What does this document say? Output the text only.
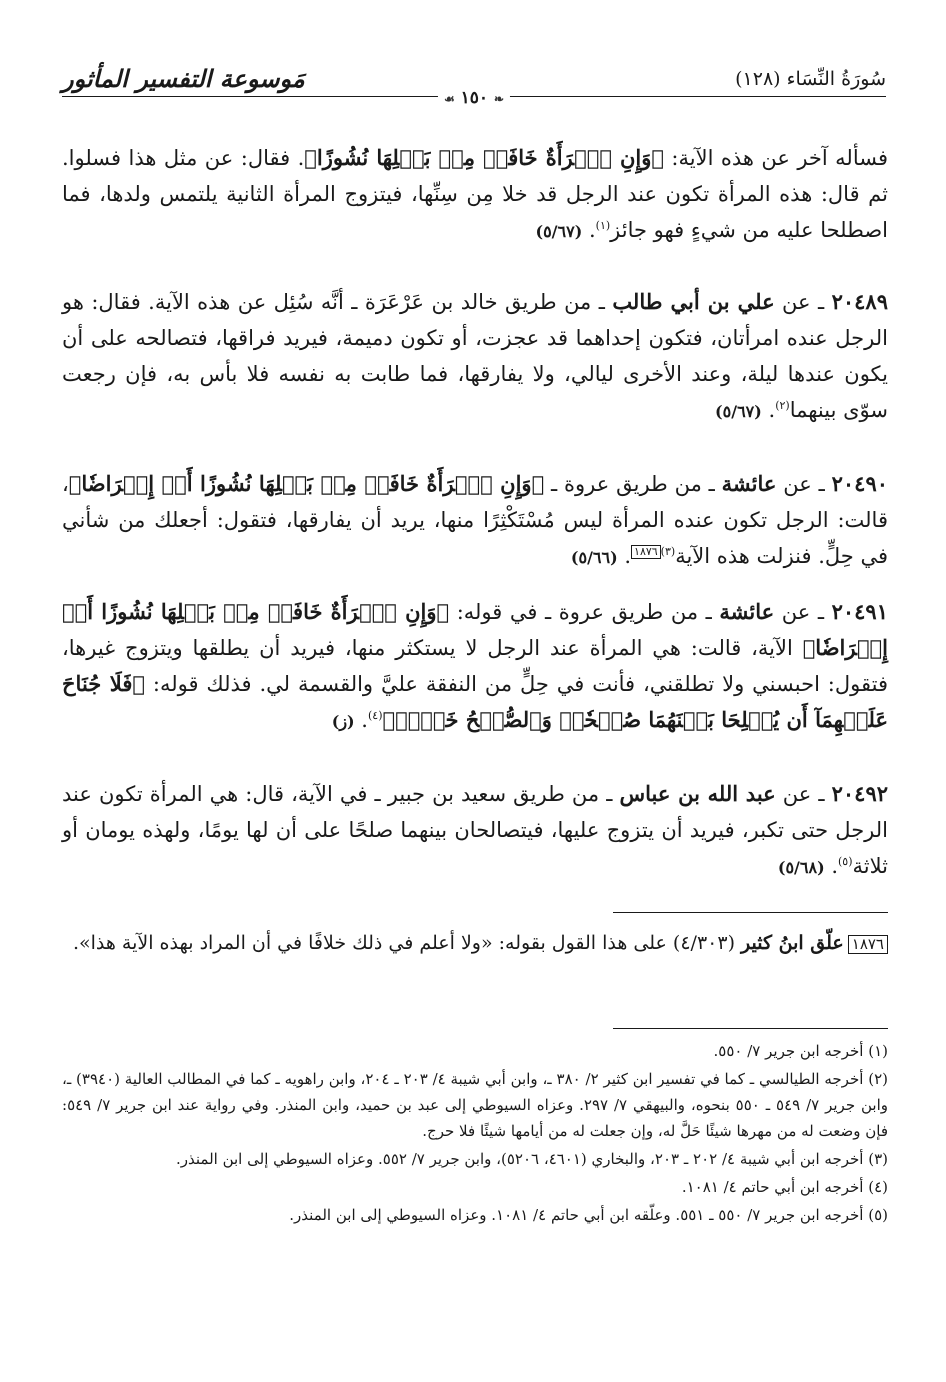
سُورَةُ النِّسَاء (١٢٨)
مَوسوعة التفسير المأثور
❧ ١٥٠ ☙
فسأله آخر عن هذه الآية: ﴿وَإِنِ ٱمۡرَأَةٌ خَافَتۡ مِنۢ بَعۡلِهَا نُشُوزًا﴾. فقال: عن مثل هذا فسلوا. ثم قال: هذه المرأة تكون عند الرجل قد خلا مِن سِنِّها، فيتزوج المرأة الثانية يلتمس ولدها، فما اصطلحا عليه من شيءٍ فهو جائز$^{(١)}$. (٥/٦٧)
٢٠٤٨٩ ـ عن علي بن أبي طالب ـ من طريق خالد بن عَرْعَرَة ـ أنَّه سُئِل عن هذه الآية. فقال: هو الرجل عنده امرأتان، فتكون إحداهما قد عجزت، أو تكون دميمة، فيريد فراقها، فتصالحه على أن يكون عندها ليلة، وعند الأخرى ليالي، ولا يفارقها، فما طابت به نفسه فلا بأس به، فإن رجعت سوّى بينهما$^{(٢)}$. (٥/٦٧)
٢٠٤٩٠ ـ عن عائشة ـ من طريق عروة ـ ﴿وَإِنِ ٱمۡرَأَةٌ خَافَتۡ مِنۢ بَعۡلِهَا نُشُوزًا أَوۡ إِعۡرَاضٗا﴾، قالت: الرجل تكون عنده المرأة ليس مُسْتَكْثِرًا منها، يريد أن يفارقها، فتقول: أجعلك من شأني في حِلٍّ. فنزلت هذه الآية$^{(٣)}$١٨٧٦. (٥/٦٦)
٢٠٤٩١ ـ عن عائشة ـ من طريق عروة ـ في قوله: ﴿وَإِنِ ٱمۡرَأَةٌ خَافَتۡ مِنۢ بَعۡلِهَا نُشُوزًا أَوۡ إِعۡرَاضٗا﴾ الآية، قالت: هي المرأة عند الرجل لا يستكثر منها، فيريد أن يطلقها ويتزوج غيرها، فتقول: احبسني ولا تطلقني، فأنت في حِلٍّ من النفقة عليَّ والقسمة لي. فذلك قوله: ﴿فَلَا جُنَاحَ عَلَيۡهِمَآ أَن يُصۡلِحَا بَيۡنَهُمَا صُلۡحٗاۚ وَٱلصُّلۡحُ خَيۡرٞ﴾$^{(٤)}$. (ز)
٢٠٤٩٢ ـ عن عبد الله بن عباس ـ من طريق سعيد بن جبير ـ في الآية، قال: هي المرأة تكون عند الرجل حتى تكبر، فيريد أن يتزوج عليها، فيتصالحان بينهما صلحًا على أن لها يومًا، ولهذه يومان أو ثلاثة$^{(٥)}$. (٥/٦٨)
١٨٧٦علّق ابنُ كثير (٤/٣٠٣) على هذا القول بقوله: «ولا أعلم في ذلك خلافًا في أن المراد بهذه الآية هذا».
(١) أخرجه ابن جرير ٧/ ٥٥٠.
(٢) أخرجه الطيالسي ـ كما في تفسير ابن كثير ٢/ ٣٨٠ ـ، وابن أبي شيبة ٤/ ٢٠٣ ـ ٢٠٤، وابن راهويه ـ كما في المطالب العالية (٣٩٤٠) ـ، وابن جرير ٧/ ٥٤٩ ـ ٥٥٠ بنحوه، والبيهقي ٧/ ٢٩٧. وعزاه السيوطي إلى عبد بن حميد، وابن المنذر. وفي رواية عند ابن جرير ٧/ ٥٤٩: فإن وضعت له من مهرها شيئًا حَلَّ له، وإن جعلت له من أيامها شيئًا فلا حرج.
(٣) أخرجه ابن أبي شيبة ٤/ ٢٠٢ ـ ٢٠٣، والبخاري (٤٦٠١، ٥٢٠٦)، وابن جرير ٧/ ٥٥٢. وعزاه السيوطي إلى ابن المنذر.
(٤) أخرجه ابن أبي حاتم ٤/ ١٠٨١.
(٥) أخرجه ابن جرير ٧/ ٥٥٠ ـ ٥٥١. وعلّقه ابن أبي حاتم ٤/ ١٠٨١. وعزاه السيوطي إلى ابن المنذر.
